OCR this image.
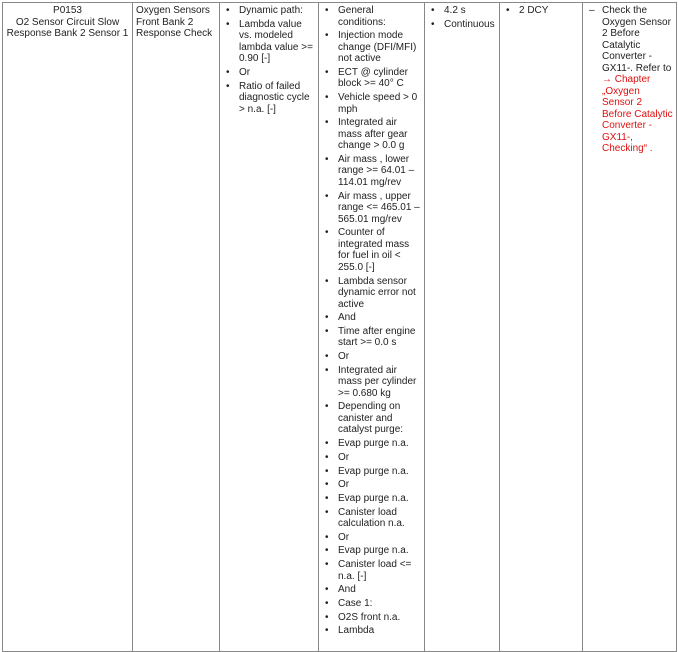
P0153
O2 Sensor Circuit Slow
Response Bank 2 Sensor 1

Oxygen Sensors Front Bank 2 Response Check

• Dynamic path:
• Lambda value vs. modeled lambda value >= 0.90 [-]
• Or
• Ratio of failed diagnostic cycle > n.a. [-]

• General conditions:
• Injection mode change (DFI/MFI) not active
• ECT @ cylinder block >= 40° C
• Vehicle speed > 0 mph
• Integrated air mass after gear change > 0.0 g
• Air mass , lower range >= 64.01 – 114.01 mg/rev
• Air mass , upper range <= 465.01 – 565.01 mg/rev
• Counter of integrated mass for fuel in oil < 255.0 [-]
• Lambda sensor dynamic error not active
• And
• Time after engine start >= 0.0 s
• Or
• Integrated air mass per cylinder >= 0.680 kg
• Depending on canister and catalyst purge:
• Evap purge n.a.
• Or
• Evap purge n.a.
• Or
• Evap purge n.a.
• Canister load calculation n.a.
• Or
• Evap purge n.a.
• Canister load <= n.a. [-]
• And
• Case 1:
• O2S front n.a.
• Lambda

• 4.2 s
• Continuous

• 2 DCY

–Check the Oxygen Sensor 2 Before Catalytic Converter -GX11-. Refer to → Chapter „Oxygen Sensor 2 Before Catalytic Converter -GX11-, Checking“ .
